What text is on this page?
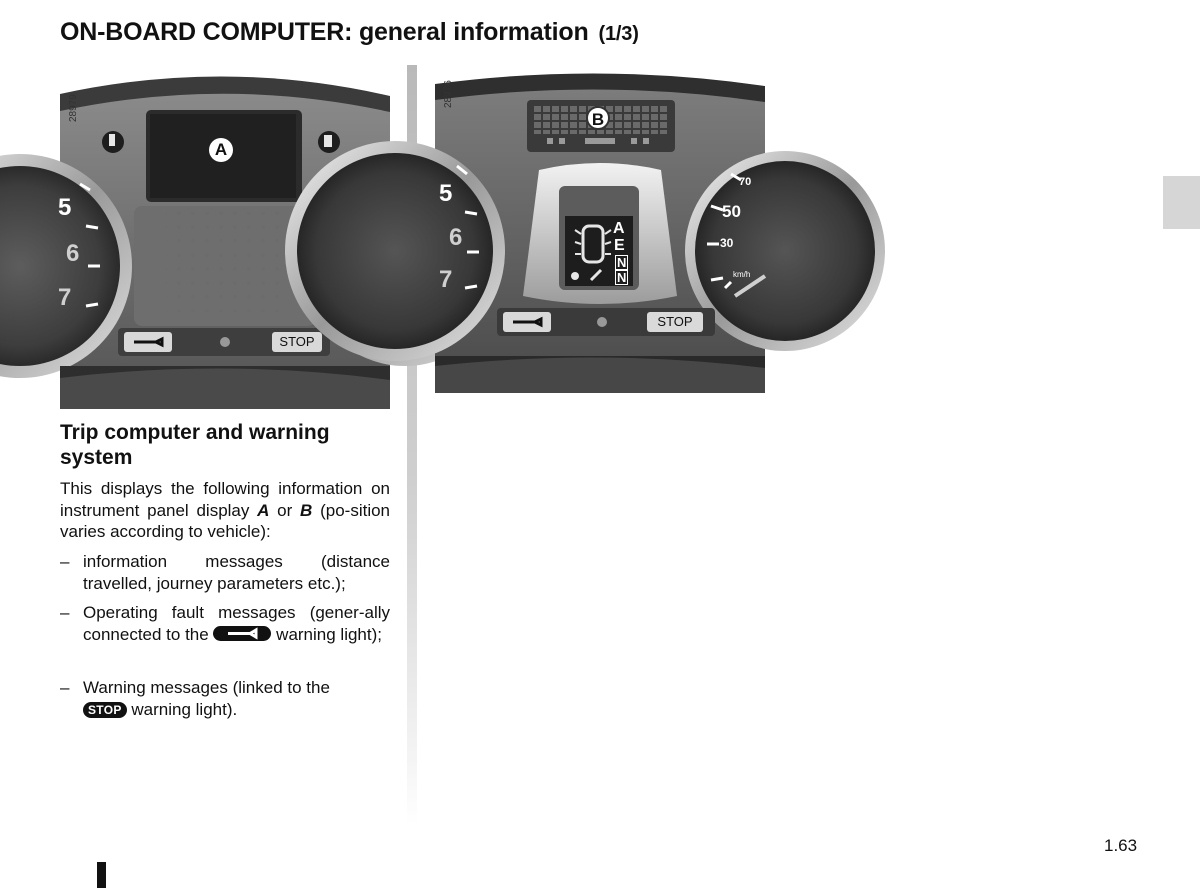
ON-BOARD COMPUTER: general information (1/3)
28979
A
STOP
5
6
7
28976
B
STOP
A
E
N
N
70
50
30
km/h
5
6
7
Trip computer and warning system
This displays the following information on instrument panel display A or B (po-sition varies according to vehicle):
– information messages (distance travelled, journey parameters etc.);
– Operating fault messages (gener-ally connected to the	warning light);
– Warning messages (linked to the
STOP warning light).
1.63
